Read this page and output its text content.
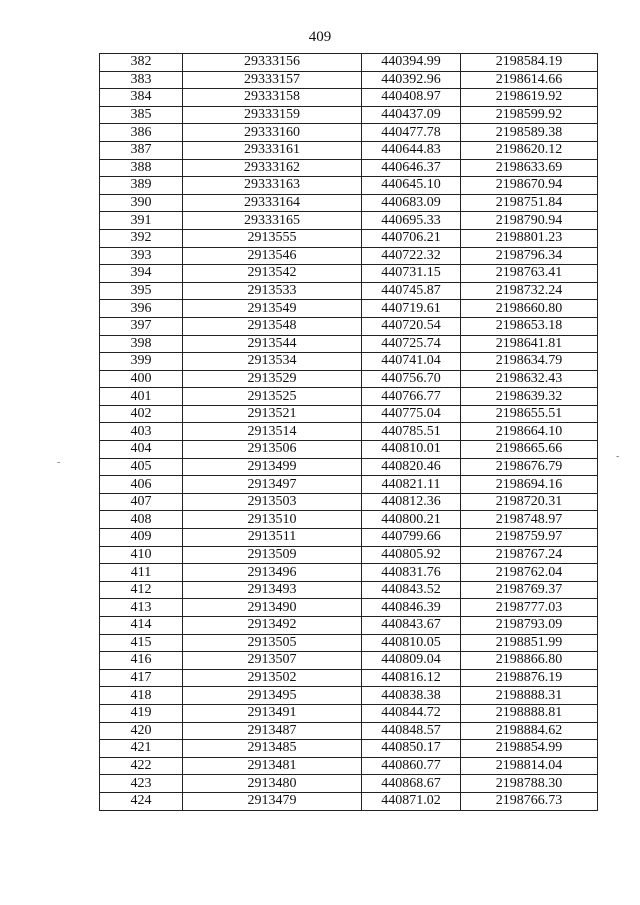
409
382	29333156	440394.99	2198584.19
383	29333157	440392.96	2198614.66
384	29333158	440408.97	2198619.92
385	29333159	440437.09	2198599.92
386	29333160	440477.78	2198589.38
387	29333161	440644.83	2198620.12
388	29333162	440646.37	2198633.69
389	29333163	440645.10	2198670.94
390	29333164	440683.09	2198751.84
391	29333165	440695.33	2198790.94
392	2913555	440706.21	2198801.23
393	2913546	440722.32	2198796.34
394	2913542	440731.15	2198763.41
395	2913533	440745.87	2198732.24
396	2913549	440719.61	2198660.80
397	2913548	440720.54	2198653.18
398	2913544	440725.74	2198641.81
399	2913534	440741.04	2198634.79
400	2913529	440756.70	2198632.43
401	2913525	440766.77	2198639.32
402	2913521	440775.04	2198655.51
403	2913514	440785.51	2198664.10
404	2913506	440810.01	2198665.66
405	2913499	440820.46	2198676.79
406	2913497	440821.11	2198694.16
407	2913503	440812.36	2198720.31
408	2913510	440800.21	2198748.97
409	2913511	440799.66	2198759.97
410	2913509	440805.92	2198767.24
411	2913496	440831.76	2198762.04
412	2913493	440843.52	2198769.37
413	2913490	440846.39	2198777.03
414	2913492	440843.67	2198793.09
415	2913505	440810.05	2198851.99
416	2913507	440809.04	2198866.80
417	2913502	440816.12	2198876.19
418	2913495	440838.38	2198888.31
419	2913491	440844.72	2198888.81
420	2913487	440848.57	2198884.62
421	2913485	440850.17	2198854.99
422	2913481	440860.77	2198814.04
423	2913480	440868.67	2198788.30
424	2913479	440871.02	2198766.73
-
-
